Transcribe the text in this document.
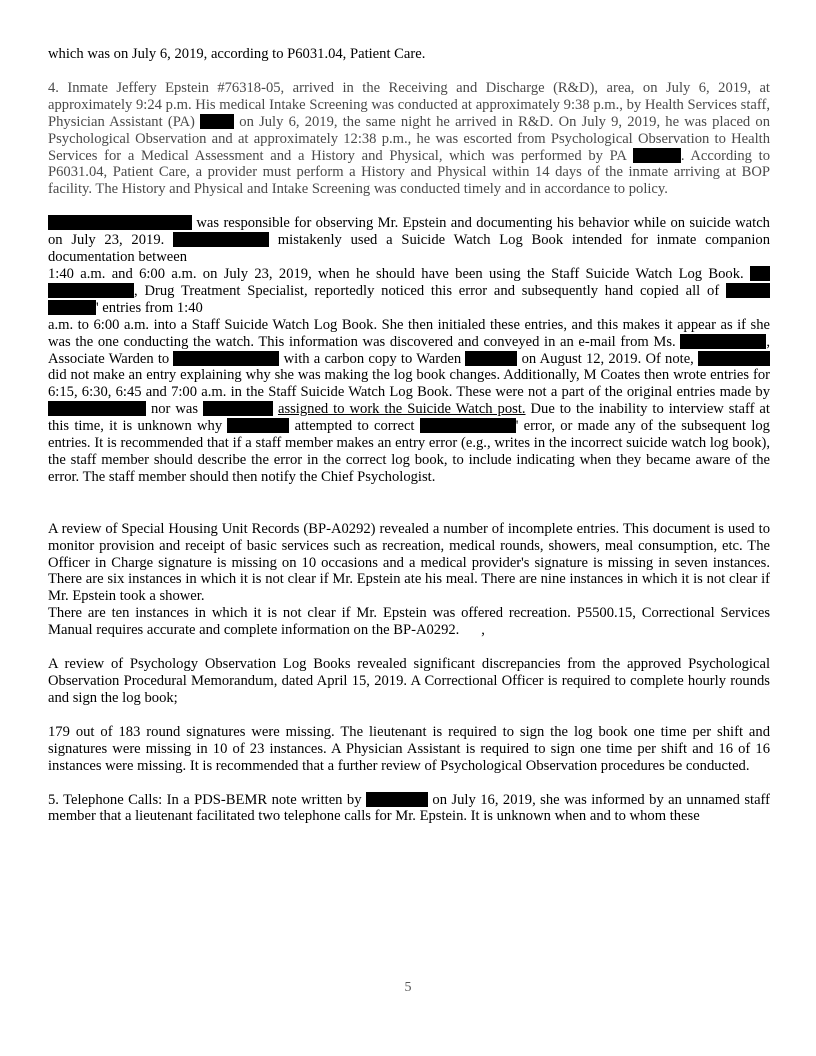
which was on July 6, 2019, according to P6031.04, Patient Care.

4. Inmate Jeffery Epstein #76318-05, arrived in the Receiving and Discharge (R&D), area, on July 6, 2019, at approximately 9:24 p.m. His medical Intake Screening was conducted at approximately 9:38 p.m., by Health Services staff, Physician Assistant (PA)	on July 6, 2019, the same night he arrived in R&D. On July 9, 2019, he was placed on Psychological Observation and at approximately 12:38 p.m., he was escorted from Psychological Observation to Health Services for a Medical Assessment and a History and Physical, which was performed by PA	. According to P6031.04, Patient Care, a provider must perform a History and Physical within 14 days of the inmate arriving at BOP facility. The History and Physical and Intake Screening was conducted timely and in accordance to policy.

was responsible for observing Mr. Epstein and documenting his behavior while on suicide watch on July 23, 2019.	mistakenly used a Suicide Watch Log Book intended for inmate companion documentation between
1:40 a.m. and 6:00 a.m. on July 23, 2019, when he should have been using the Staff Suicide Watch Log Book.  , Drug Treatment Specialist, reportedly noticed this error and subsequently hand copied all of  ' entries from 1:40
a.m. to 6:00 a.m. into a Staff Suicide Watch Log Book. She then initialed these entries, and this makes it appear as if she was the one conducting the watch. This information was discovered and conveyed in an e-mail from Ms.	, Associate Warden to	with a carbon copy to Warden	on August 12, 2019. Of note,  did not make an entry explaining why she was making the log book changes. Additionally, M Coates then wrote entries for 6:15, 6:30, 6:45 and 7:00 a.m. in the Staff Suicide Watch Log Book. These were not a part of the original entries made by  nor was	assigned to work the Suicide Watch post. Due to the inability to interview staff at this time, it is unknown why	attempted to correct	' error, or made any of the subsequent log entries. It is recommended that if a staff member makes an entry error (e.g., writes in the incorrect suicide watch log book), the staff member should describe the error in the correct log book, to include indicating when they became aware of the error. The staff member should then notify the Chief Psychologist.

A review of Special Housing Unit Records (BP-A0292) revealed a number of incomplete entries. This document is used to monitor provision and receipt of basic services such as recreation, medical rounds, showers, meal consumption, etc. The Officer in Charge signature is missing on 10 occasions and a medical provider's signature is missing in seven instances. There are six instances in which it is not clear if Mr. Epstein ate his meal. There are nine instances in which it is not clear if Mr. Epstein took a shower.
There are ten instances in which it is not clear if Mr. Epstein was offered recreation. P5500.15, Correctional Services Manual requires accurate and complete information on the BP-A0292. ,

A review of Psychology Observation Log Books revealed significant discrepancies from the approved Psychological Observation Procedural Memorandum, dated April 15, 2019. A Correctional Officer is required to complete hourly rounds and sign the log book;

179 out of 183 round signatures were missing. The lieutenant is required to sign the log book one time per shift and signatures were missing in 10 of 23 instances. A Physician Assistant is required to sign one time per shift and 16 of 16 instances were missing. It is recommended that a further review of Psychological Observation procedures be conducted.

5. Telephone Calls: In a PDS-BEMR note written by	on July 16, 2019, she was informed by an unnamed staff member that a lieutenant facilitated two telephone calls for Mr. Epstein. It is unknown when and to whom these

5
